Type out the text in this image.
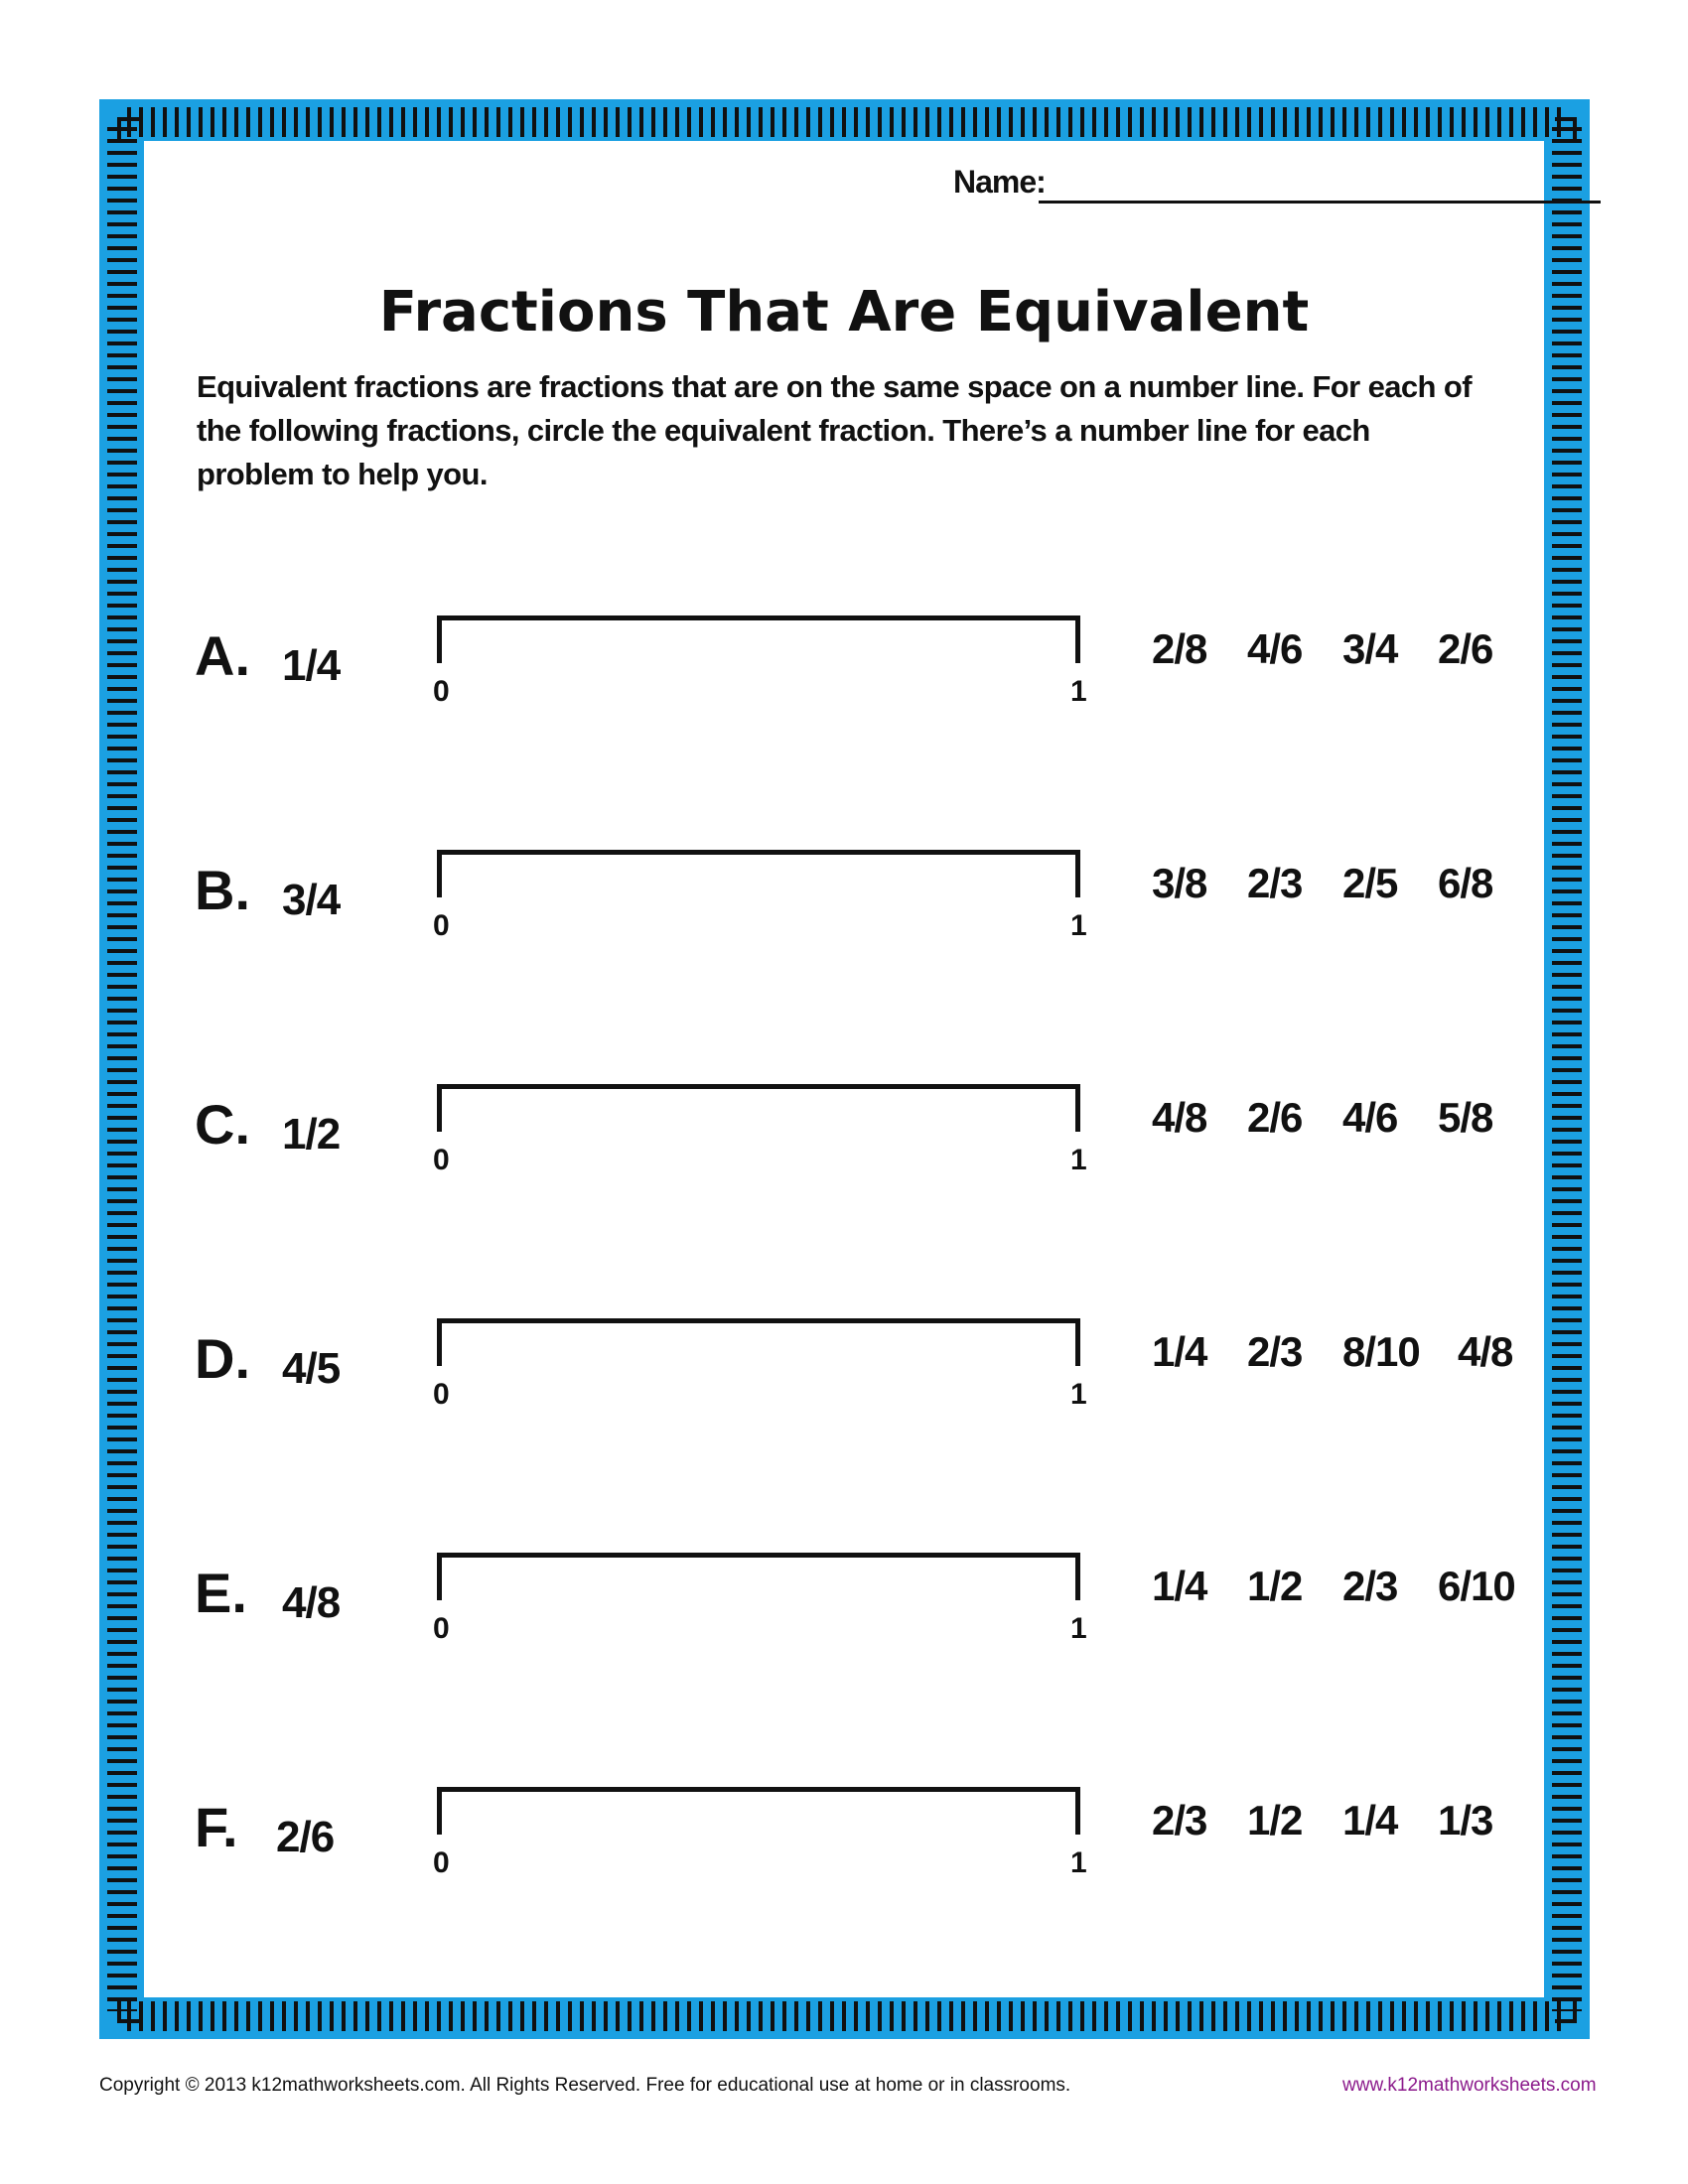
Name:
Fractions That Are Equivalent
Equivalent fractions are fractions that are on the same space on a number line. For each of the following fractions, circle the equivalent fraction. There’s a number line for each problem to help you.
A. 1/4
0	1
2/8 4/6 3/4 2/6
B. 3/4
0	1
3/8 2/3 2/5 6/8
C. 1/2
0	1
4/8 2/6 4/6 5/8
D. 4/5
0	1
1/4 2/3 8/10 4/8
E. 4/8
0	1
1/4 1/2 2/3 6/10
F. 2/6
0	1
2/3 1/2 1/4 1/3
Copyright © 2013 k12mathworksheets.com. All Rights Reserved. Free for educational use at home or in classrooms.	www.k12mathworksheets.com
